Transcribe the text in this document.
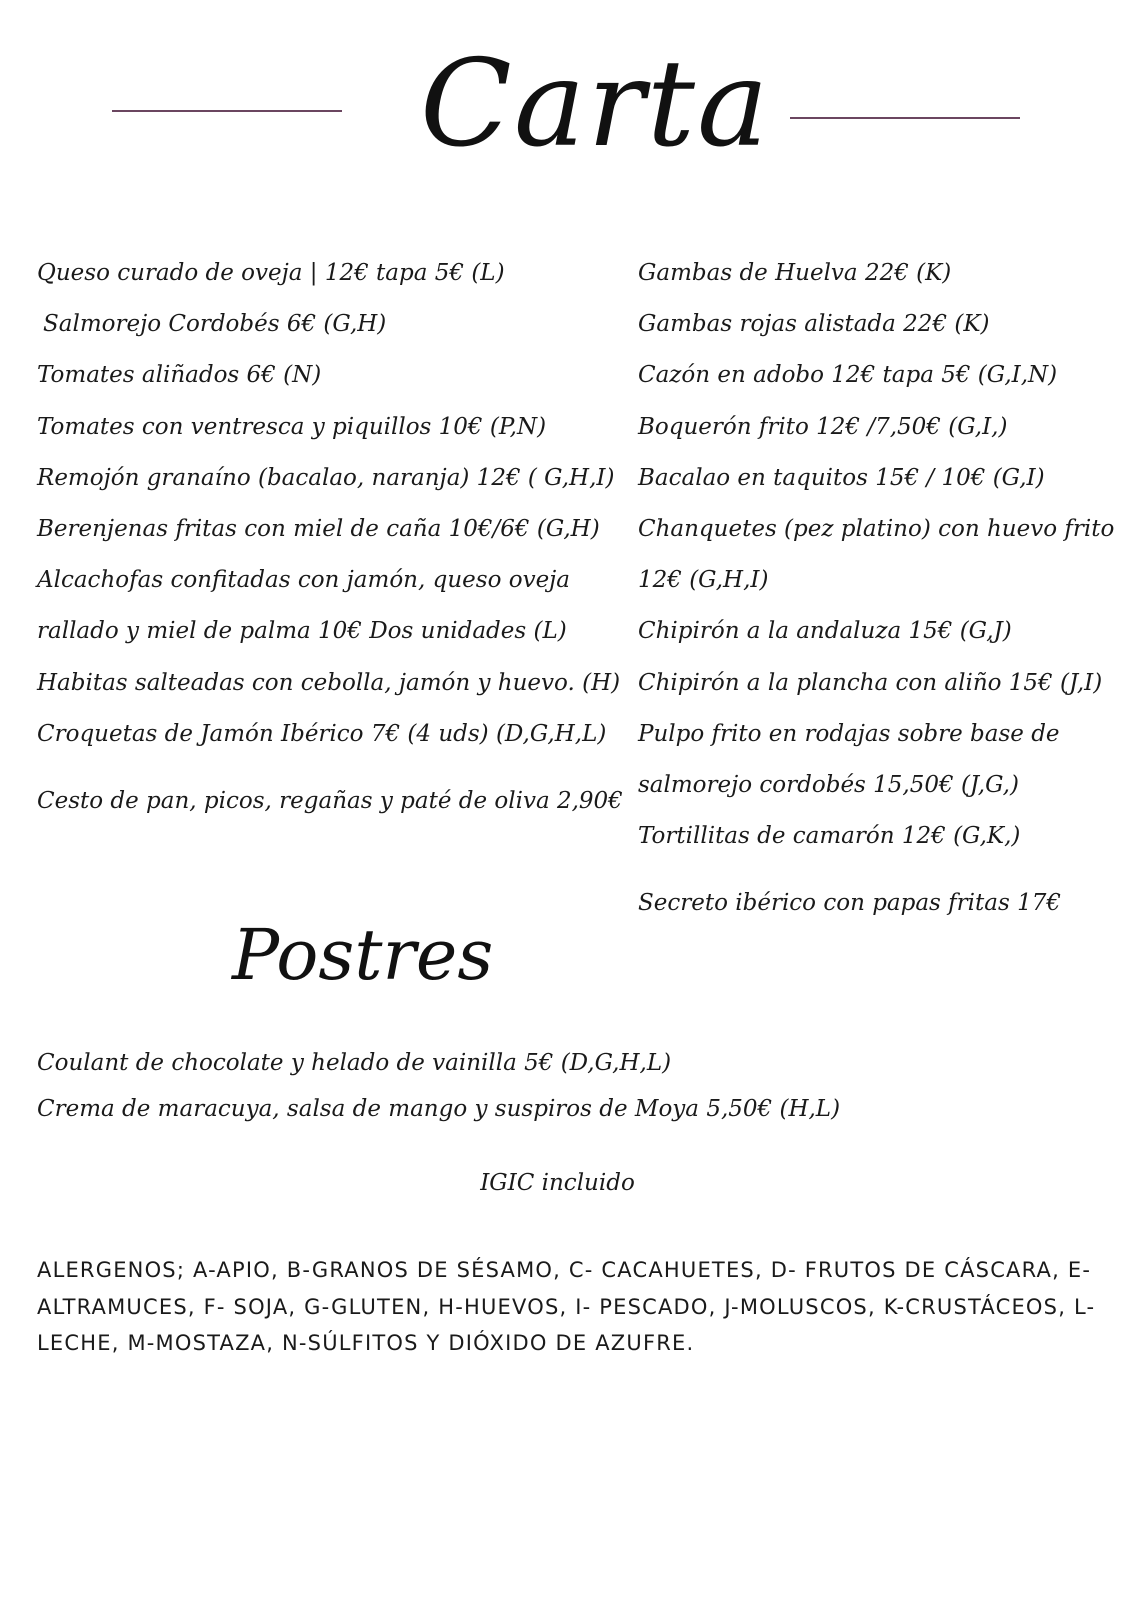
Carta
Queso curado de oveja | 12€ tapa 5€ (L)
Salmorejo Cordobés 6€ (G,H)
Tomates aliñados 6€ (N)
Tomates con ventresca y piquillos 10€ (P,N)
Remojón granaíno (bacalao, naranja) 12€ ( G,H,I)
Berenjenas fritas con miel de caña 10€/6€ (G,H)
Alcachofas confitadas con jamón, queso oveja
rallado y miel de palma 10€ Dos unidades (L)
Habitas salteadas con cebolla, jamón y huevo. (H)
Croquetas de Jamón Ibérico 7€ (4 uds) (D,G,H,L)
Cesto de pan, picos, regañas y paté de oliva 2,90€
Gambas de Huelva 22€ (K)
Gambas rojas alistada 22€ (K)
Cazón en adobo 12€ tapa 5€ (G,I,N)
Boquerón frito 12€ /7,50€ (G,I,)
Bacalao en taquitos 15€ / 10€ (G,I)
Chanquetes (pez platino) con huevo frito
12€ (G,H,I)
Chipirón a la andaluza 15€ (G,J)
Chipirón a la plancha con aliño 15€ (J,I)
Pulpo frito en rodajas sobre base de
salmorejo cordobés 15,50€ (J,G,)
Tortillitas de camarón 12€ (G,K,)
Secreto ibérico con papas fritas 17€
Postres
Coulant de chocolate y helado de vainilla 5€ (D,G,H,L)
Crema de maracuya, salsa de mango y suspiros de Moya 5,50€ (H,L)
IGIC incluido

ALERGENOS; A-APIO, B-GRANOS DE SÉSAMO, C- CACAHUETES, D- FRUTOS DE CÁSCARA, E-ALTRAMUCES, F- SOJA, G-GLUTEN, H-HUEVOS, I- PESCADO, J-MOLUSCOS, K-CRUSTÁCEOS, L-LECHE, M-MOSTAZA, N-SÚLFITOS Y DIÓXIDO DE AZUFRE.
